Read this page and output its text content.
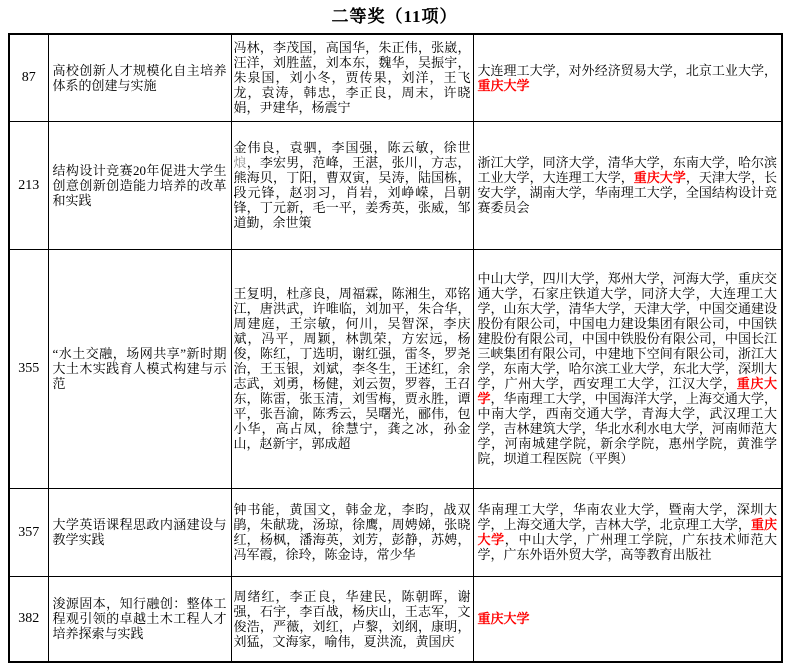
二等奖（11项）
87	高校创新人才规模化自主培养体系的创建与实施	冯林，李茂国，高国华，朱正伟，张崴，汪洋，刘胜蓝，刘本东，魏华，吴振宇，朱泉国，刘小冬，贾传果，刘洋，王飞龙，袁涛，韩忠，李正良，周末，许晓娟，尹建华，杨震宁	大连理工大学，对外经济贸易大学，北京工业大学，重庆大学
213	结构设计竞赛20年促进大学生创意创新创造能力培养的改革和实践	金伟良，袁驷，李国强，陈云敏，徐世烺，李宏男，范峰，王湛，张川，方志，熊海贝，丁阳，曹双寅，吴涛，陆国栋，段元锋，赵羽习，肖岩，刘峥嵘，吕朝锋，丁元新，毛一平，姜秀英，张威，邹道勤，余世策	浙江大学，同济大学，清华大学，东南大学，哈尔滨工业大学，大连理工大学，重庆大学，天津大学，长安大学，湖南大学，华南理工大学，全国结构设计竞赛委员会
355	“水土交融，场网共享”新时期大土木实践育人模式构建与示范	王复明，杜彦良，周福霖，陈湘生，邓铭江，唐洪武，许唯临，刘加平，朱合华，周建庭，王宗敏，何川，吴智深，李庆斌，冯平，周颖，林凯荣，方宏远，杨俊，陈红，丁选明，谢红强，雷冬，罗尧治，王玉银，刘斌，李冬生，王述红，余志武，刘勇，杨健，刘云贺，罗蓉，王召东，陈雷，张玉清，刘雪梅，贾永胜，谭平，张吾渝，陈秀云，吴曙光，郦伟，包小华，高占凤，徐慧宁，龚之冰，孙金山，赵新宇，郭成超	中山大学，四川大学，郑州大学，河海大学，重庆交通大学，石家庄铁道大学，同济大学，大连理工大学，山东大学，清华大学，天津大学，中国交通建设股份有限公司，中国电力建设集团有限公司，中国铁建股份有限公司，中国中铁股份有限公司，中国长江三峡集团有限公司，中建地下空间有限公司，浙江大学，东南大学，哈尔滨工业大学，东北大学，深圳大学，广州大学，西安理工大学，江汉大学，重庆大学，华南理工大学，中国海洋大学，上海交通大学，中南大学，西南交通大学，青海大学，武汉理工大学，吉林建筑大学，华北水利水电大学，河南师范大学，河南城建学院，新余学院，惠州学院，黄淮学院，坝道工程医院（平舆）
357	大学英语课程思政内涵建设与教学实践	钟书能，黄国文，韩金龙，李昀，战双鹃，朱献珑，汤琼，徐鹰，周娉娣，张晓红，杨枫，潘海英，刘芳，彭静，苏娉，冯军霞，徐玲，陈金诗，常少华	华南理工大学，华南农业大学，暨南大学，深圳大学，上海交通大学，吉林大学，北京理工大学，重庆大学，中山大学，广州理工学院，广东技术师范大学，广东外语外贸大学，高等教育出版社
382	浚源固本，知行融创：整体工程观引领的卓越土木工程人才培养探索与实践	周绪红，李正良，华建民，陈朝晖，谢强，石宇，李百战，杨庆山，王志军，文俊浩，严薇，刘红，卢黎，刘纲，康明，刘猛，文海家，喻伟，夏洪流，黄国庆	重庆大学
